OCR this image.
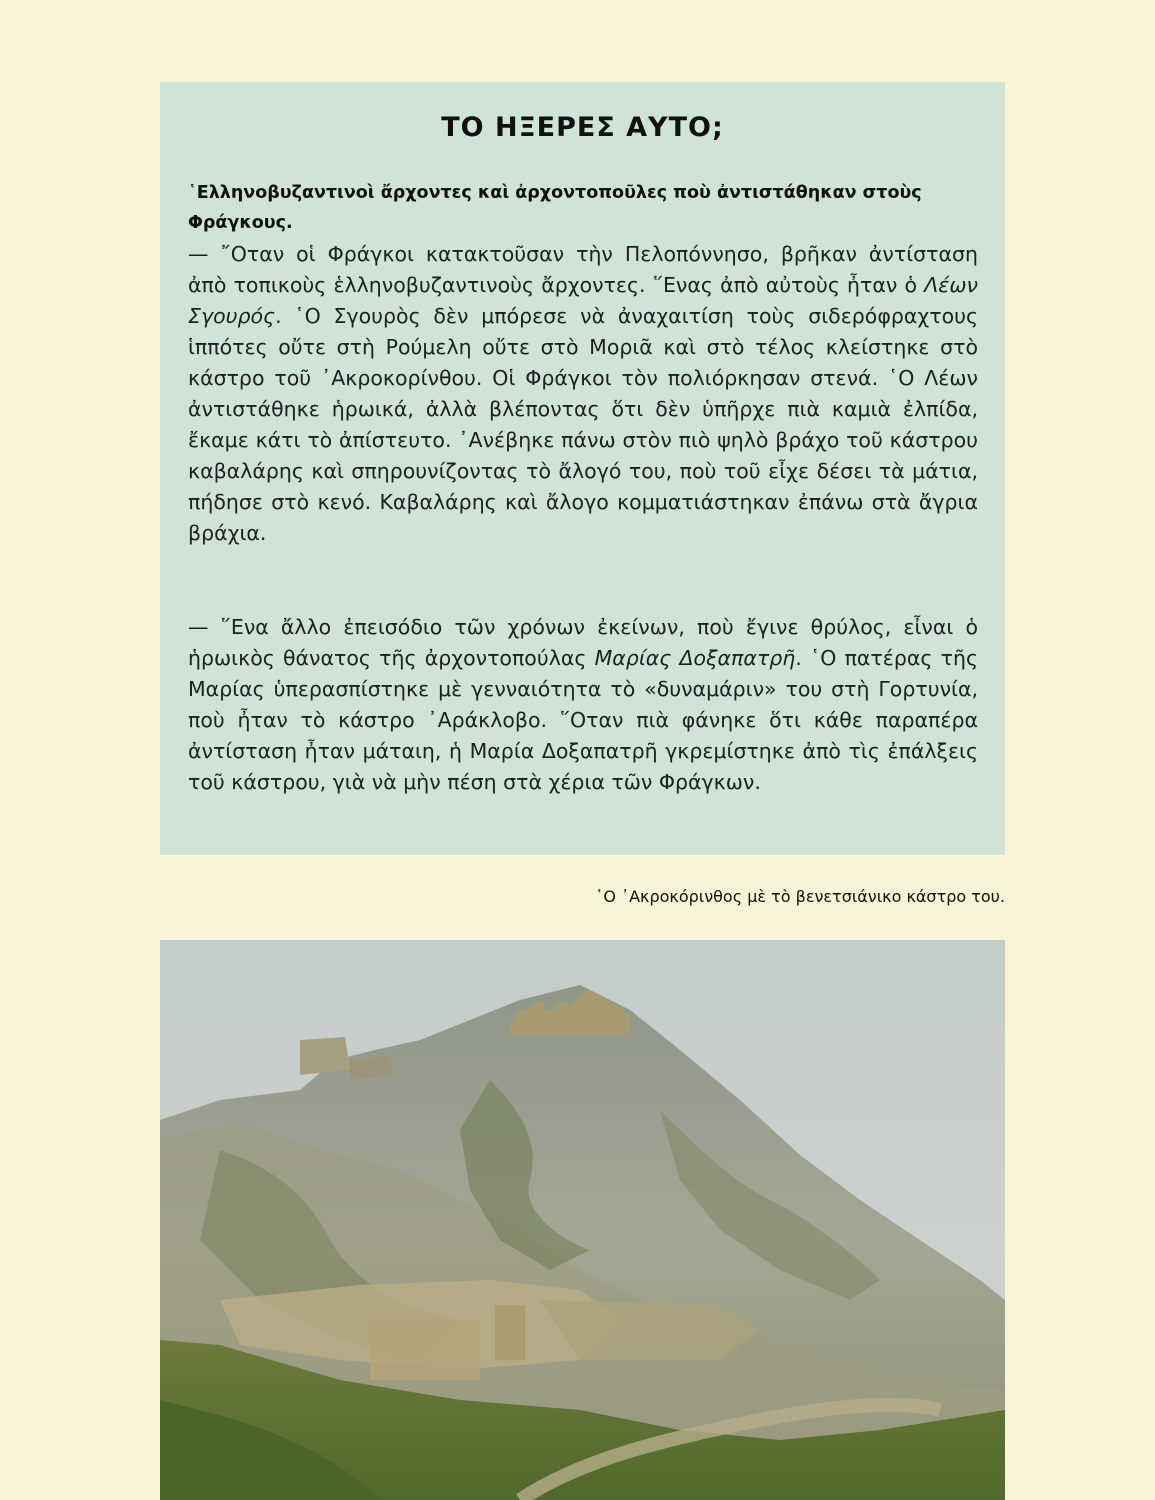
ΤΟ ΗΞΕΡΕΣ ΑΥΤΟ;
῾Ελληνοβυζαντινοὶ ἄρχοντες καὶ ἀρχοντοποῦλες ποὺ ἀντιστάθηκαν στοὺς Φράγκους.
— ῎Οταν οἱ Φράγκοι κατακτοῦσαν τὴν Πελοπόννησο, βρῆκαν ἀντίσταση ἀπὸ τοπικοὺς ἑλληνοβυζαντινοὺς ἄρχοντες. ῞Ενας ἀπὸ αὐτοὺς ἦταν ὁ Λέων Σγουρός. ῾Ο Σγουρὸς δὲν μπόρεσε νὰ ἀναχαιτίση τοὺς σιδερόφραχτους ἱππότες οὔτε στὴ Ρούμελη οὔτε στὸ Μοριᾶ καὶ στὸ τέλος κλείστηκε στὸ κάστρο τοῦ ᾿Ακροκορίνθου. Οἱ Φράγκοι τὸν πολιόρκησαν στενά. ῾Ο Λέων ἀντιστάθηκε ἡρωικά, ἀλλὰ βλέποντας ὅτι δὲν ὑπῆρχε πιὰ καμιὰ ἐλπίδα, ἔκαμε κάτι τὸ ἀπίστευτο. ᾿Ανέβηκε πάνω στὸν πιὸ ψηλὸ βράχο τοῦ κάστρου καβαλάρης καὶ σπηρουνίζοντας τὸ ἄλογό του, ποὺ τοῦ εἶχε δέσει τὰ μάτια, πήδησε στὸ κενό. Καβαλάρης καὶ ἄλογο κομματιάστηκαν ἐπάνω στὰ ἄγρια βράχια.
— ῞Ενα ἄλλο ἐπεισόδιο τῶν χρόνων ἐκείνων, ποὺ ἔγινε θρύλος, εἶναι ὁ ἡρωικὸς θάνατος τῆς ἀρχοντοπούλας Μαρίας Δοξαπατρῆ. ῾Ο πατέρας τῆς Μαρίας ὑπερασπίστηκε μὲ γενναιότητα τὸ «δυναμάριν» του στὴ Γορτυνία, ποὺ ἦταν τὸ κάστρο ᾿Αράκλοβο. ῞Οταν πιὰ φάνηκε ὅτι κάθε παραπέρα ἀντίσταση ἦταν μάταιη, ἡ Μαρία Δοξαπατρῆ γκρεμίστηκε ἀπὸ τὶς ἐπάλξεις τοῦ κάστρου, γιὰ νὰ μὴν πέση στὰ χέρια τῶν Φράγκων.
῾Ο ᾿Ακροκόρινθος μὲ τὸ βενετσιάνικο κάστρο του.
